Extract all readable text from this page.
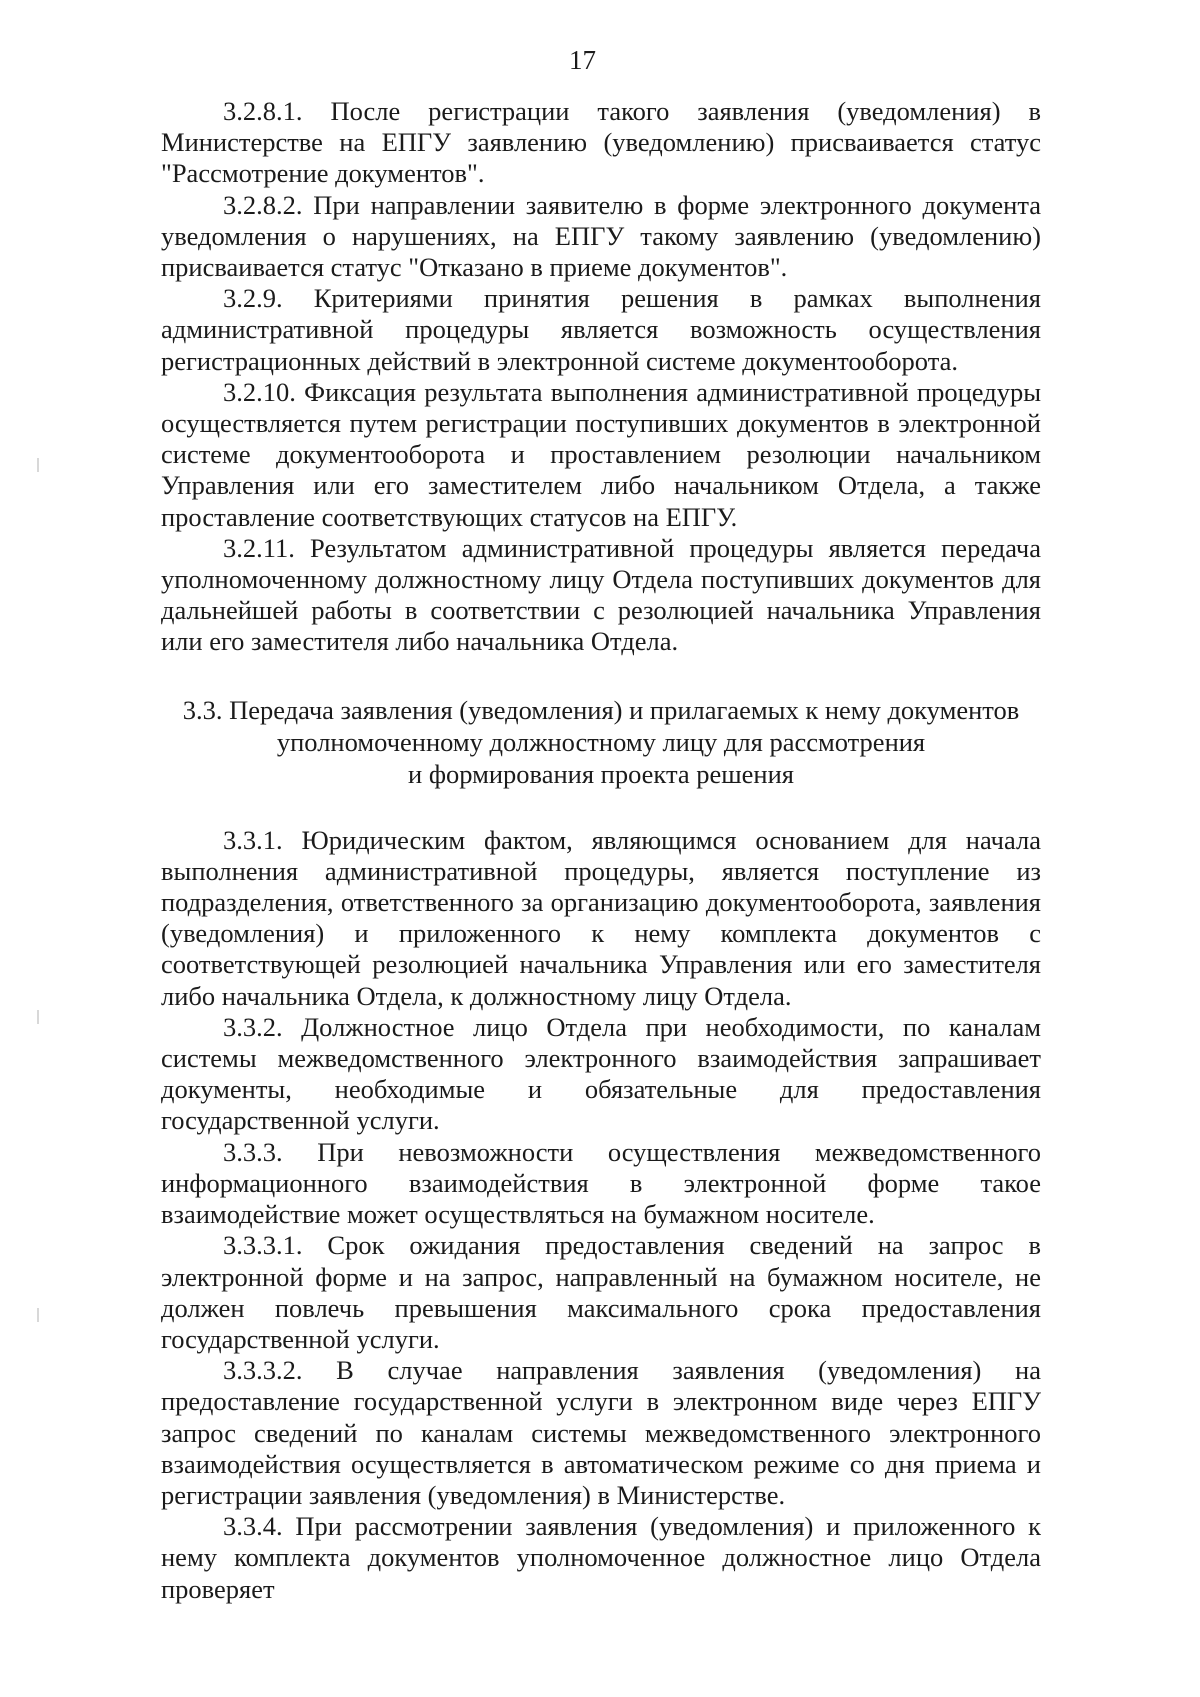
17

3.2.8.1. После регистрации такого заявления (уведомления) в Министерстве на ЕПГУ заявлению (уведомлению) присваивается статус "Рассмотрение документов".

3.2.8.2. При направлении заявителю в форме электронного документа уведомления о нарушениях, на ЕПГУ такому заявлению (уведомлению) присваивается статус "Отказано в приеме документов".

3.2.9. Критериями принятия решения в рамках выполнения административной процедуры является возможность осуществления регистрационных действий в электронной системе документооборота.

3.2.10. Фиксация результата выполнения административной процедуры осуществляется путем регистрации поступивших документов в электронной системе документооборота и проставлением резолюции начальником Управления или его заместителем либо начальником Отдела, а также проставление соответствующих статусов на ЕПГУ.

3.2.11. Результатом административной процедуры является передача уполномоченному должностному лицу Отдела поступивших документов для дальнейшей работы в соответствии с резолюцией начальника Управления или его заместителя либо начальника Отдела.

3.3. Передача заявления (уведомления) и прилагаемых к нему документов
уполномоченному должностному лицу для рассмотрения
и формирования проекта решения

3.3.1. Юридическим фактом, являющимся основанием для начала выполнения административной процедуры, является поступление из подразделения, ответственного за организацию документооборота, заявления (уведомления) и приложенного к нему комплекта документов с соответствующей резолюцией начальника Управления или его заместителя либо начальника Отдела, к должностному лицу Отдела.

3.3.2. Должностное лицо Отдела при необходимости, по каналам системы межведомственного электронного взаимодействия запрашивает документы, необходимые и обязательные для предоставления государственной услуги.

3.3.3. При невозможности осуществления межведомственного информационного взаимодействия в электронной форме такое взаимодействие может осуществляться на бумажном носителе.

3.3.3.1. Срок ожидания предоставления сведений на запрос в электронной форме и на запрос, направленный на бумажном носителе, не должен повлечь превышения максимального срока предоставления государственной услуги.

3.3.3.2. В случае направления заявления (уведомления) на предоставление государственной услуги в электронном виде через ЕПГУ запрос сведений по каналам системы межведомственного электронного взаимодействия осуществляется в автоматическом режиме со дня приема и регистрации заявления (уведомления) в Министерстве.

3.3.4. При рассмотрении заявления (уведомления) и приложенного к нему комплекта документов уполномоченное должностное лицо Отдела проверяет
